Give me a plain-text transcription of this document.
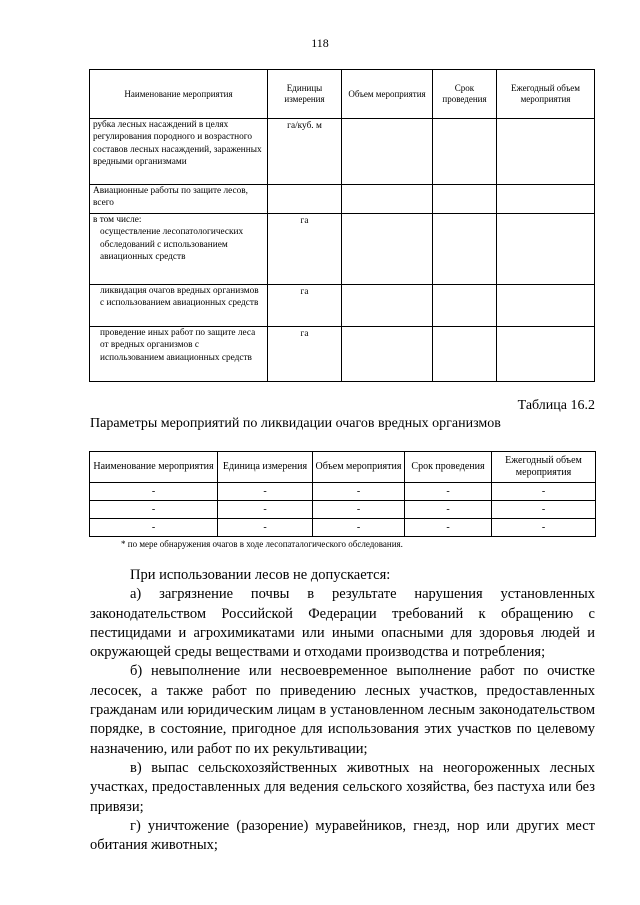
118
Наименование мероприятия	Единицы измерения	Объем мероприятия	Срок проведения	Ежегодный объем мероприятия
рубка лесных насаждений в целях регулирования породного и возрастного составов лесных насаждений, зараженных вредными организмами	га/куб. м			
Авиационные работы по защите лесов, всего				

в том числе:
осуществление лесопатологических обследований с использованием авиационных средств	га			

ликвидация очагов вредных организмов с использованием авиационных средств	га			

проведение иных работ по защите леса от вредных организмов с использованием авиационных средств	га			
Таблица 16.2
Параметры мероприятий по ликвидации очагов вредных организмов
Наименование мероприятия	Единица измерения	Объем мероприятия	Срок проведения	Ежегодный объем мероприятия
-	-	-	-	-
-	-	-	-	-
-	-	-	-	-
* по мере обнаружения очагов в ходе лесопаталогического обследования.

При использовании лесов не допускается:

а) загрязнение почвы в результате нарушения установленных законодательством Российской Федерации требований к обращению с пестицидами и агрохимикатами или иными опасными для здоровья людей и окружающей среды веществами и отходами производства и потребления;

б) невыполнение или несвоевременное выполнение работ по очистке лесосек, а также работ по приведению лесных участков, предоставленных гражданам или юридическим лицам в установленном лесным законодательством порядке, в состояние, пригодное для использования этих участков по целевому назначению, или работ по их рекультивации;

в) выпас сельскохозяйственных животных на неогороженных лесных участках, предоставленных для ведения сельского хозяйства, без пастуха или без привязи;

г) уничтожение (разорение) муравейников, гнезд, нор или других мест обитания животных;
